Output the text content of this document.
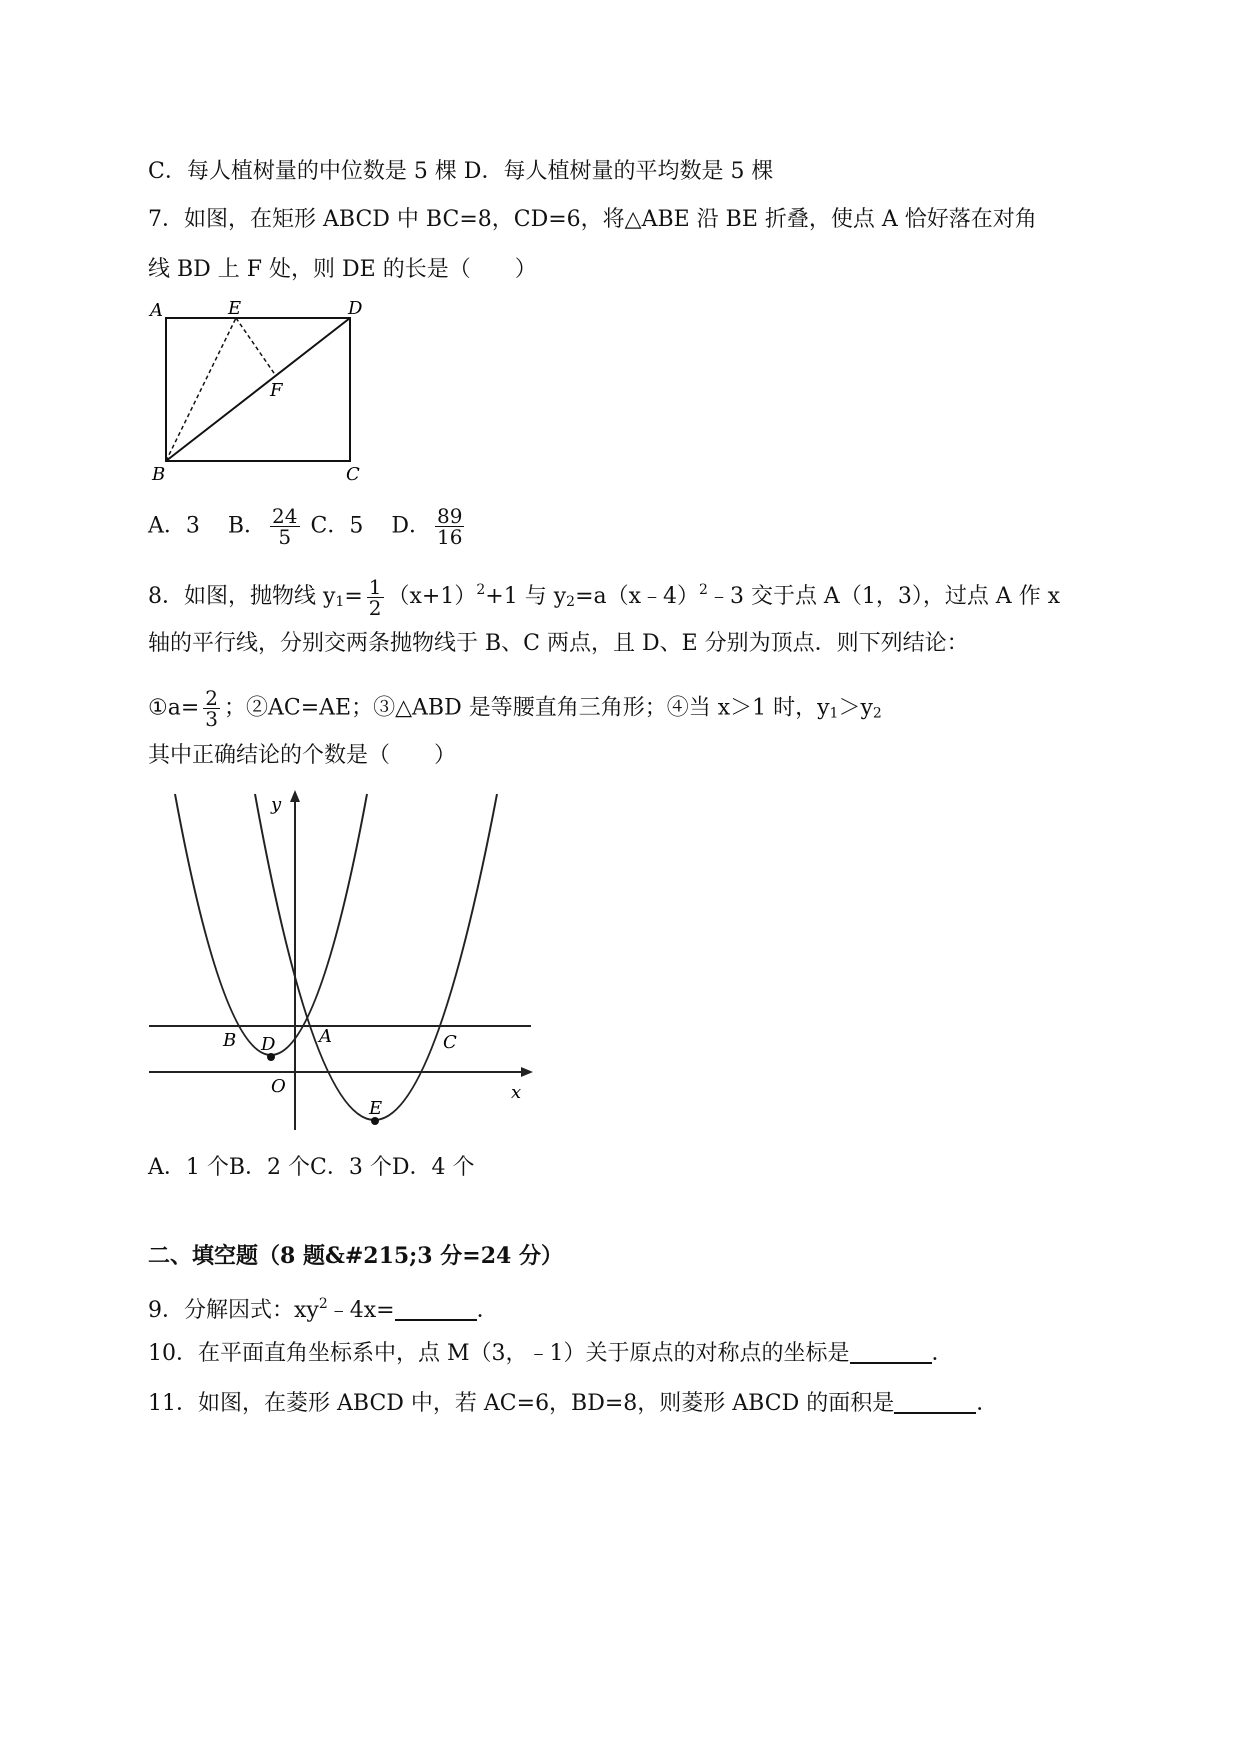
C．每人植树量的中位数是 5 棵 D．每人植树量的平均数是 5 棵
7．如图，在矩形 ABCD 中 BC=8，CD=6，将△ABE 沿 BE 折叠，使点 A 恰好落在对角
线 BD 上 F 处，则 DE 的长是（　　）
A	E	D
F
B	C
A．3 B． $\frac{24}{5}$ C．5 D． $\frac{89}{16}$
8．如图，抛物线 $y_1= \frac{1}{2} (x+1)^2+1$ 与 $y_2=a(x﹣4)^2﹣3$ 交于点 A（1，3），过点 A 作 x
轴的平行线，分别交两条抛物线于 B、C 两点，且 D、E 分别为顶点．则下列结论：
①a= $\frac{2}{3}$ ；②AC=AE；③△ABD 是等腰直角三角形；④当 x＞1 时，$y_1>y_2$
其中正确结论的个数是（　　）
y
x
O
B D A	C
E
A．1 个B．2 个C．3 个D．4 个
二、填空题（8 题&#215;3 分=24 分）
9．分解因式：$xy^2﹣4x=$	．
10．在平面直角坐标系中，点 M（3，﹣1）关于原点的对称点的坐标是	．
11．如图，在菱形 ABCD 中，若 AC=6，BD=8，则菱形 ABCD 的面积是	．
